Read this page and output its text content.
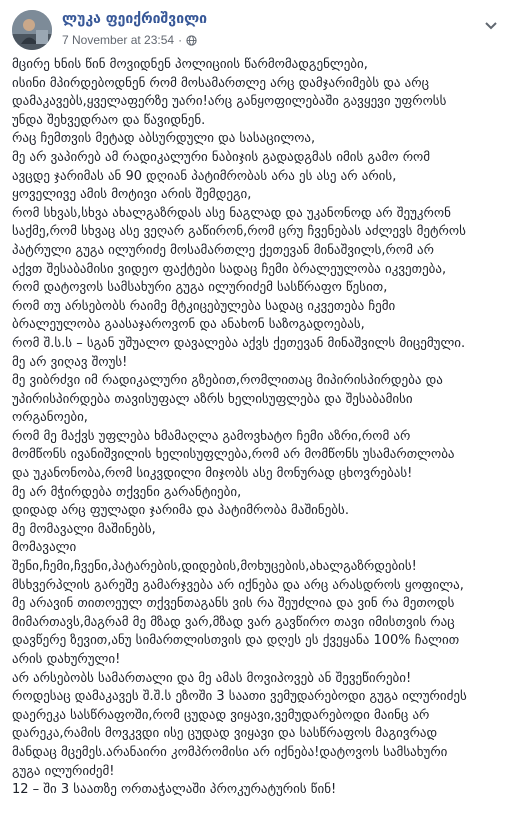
ლუკა ფეიქრიშვილი
7 November at 23:54 ·
მცირე ხნის წინ მოვიდნენ პოლიციის წარმომადგენლები,
ისინი მპირდებოდნენ რომ მოსამართლე არც დამჯარიმებს და არც
დამაკავებს,ყველაფერზე უარი!არც განყოფილებაში გავყევი უფროსს
უნდა შეხვედრაო და წავიდნენ.
რაც ჩემთვის მეტად აბსურდული და სასაცილოა,
მე არ ვაპირებ ამ რადიკალური ნაბიჯის გადადგმას იმის გამო რომ
ავცდე ჯარიმას ან 90 დღიან პატიმრობას არა ეს ასე არ არის,
ყოველივე ამის მოტივი არის შემდეგი,
რომ სხვას,სხვა ახალგაზრდას ასე ნაგლად და უკანონოდ არ შეუკრონ
საქმე,რომ სხვაც ასე ვეღარ გაწირონ,რომ ცრუ ჩვენებას აძლევს მეტროს
პატრული გუგა ილურიძე მოსამართლე ქეთევან მინაშვილს,რომ არ
აქვთ შესაბამისი ვიდეო ფაქტები სადაც ჩემი ბრალეულობა იკვეთება,
რომ დატოვოს სამსახური გუგა ილურიძემ სასწრაფო წესით,
რომ თუ არსებობს რაიმე მტკიცებულება სადაც იკვეთება ჩემი
ბრალეულობა გაასაჯაროვონ და ანახონ საზოგადოებას,
რომ შ.ს.ს – სგან უშუალო დავალება აქვს ქეთევან მინაშვილს მიცემული.
მე არ ვიღავ შოუს!
მე ვიბრძვი იმ რადიკალური გზებით,რომლითაც მიპირისპირდება და
უპირისპირდება თავისუფალ აზრს ხელისუფლება და შესაბამისი
ორგანოები,
რომ მე მაქვს უფლება ხმამაღლა გამოვხატო ჩემი აზრი,რომ არ
მომწონს ივანიშვილის ხელისუფლება,რომ არ მომწონს უსამართლობა
და უკანონობა,რომ სიკვდილი მიჯობს ასე მონურად ცხოვრებას!
მე არ მჭირდება თქვენი გარანტიები,
დიდად არც ფულადი ჯარიმა და პატიმრობა მაშინებს.
მე მომავალი მაშინებს,
მომავალი
შენი,ჩემი,ჩვენი,პატარების,დიდების,მოხუცების,ახალგაზრდების!
მსხვერპლის გარეშე გამარჯვება არ იქნება და არც არასდროს ყოფილა,
მე არავინ თითოეულ თქვენთაგანს ვის რა შეუძლია და ვინ რა მეთოდს
მიმართავს,მაგრამ მე მზად ვარ,მზად ვარ გავწირო თავი იმისთვის რაც
დავწერე ზევით,ანუ სიმართლისთვის და დღეს ეს ქვეყანა 100% ჩალით
არის დახურული!
არ არსებობს სამართალი და მე ამას მოვიპოვებ ან შევეწირები!
როდესაც დამაკავეს შ.შ.ს ეზოში 3 საათი ვემუდარებოდი გუგა ილურიძეს
დაერეკა სასწრაფოში,რომ ცუდად ვიყავი,ვემუდარებოდი მაინც არ
დარეკა,რამის მოვკვდი ისე ცუდად ვიყავი და სასწრაფოს მაგივრად
მანდაც მცემეს.არანაირი კომპრომისი არ იქნება!დატოვოს სამსახური
გუგა ილურიძემ!
12 – ში 3 საათზე ორთაჭალაში პროკურატურის წინ!
